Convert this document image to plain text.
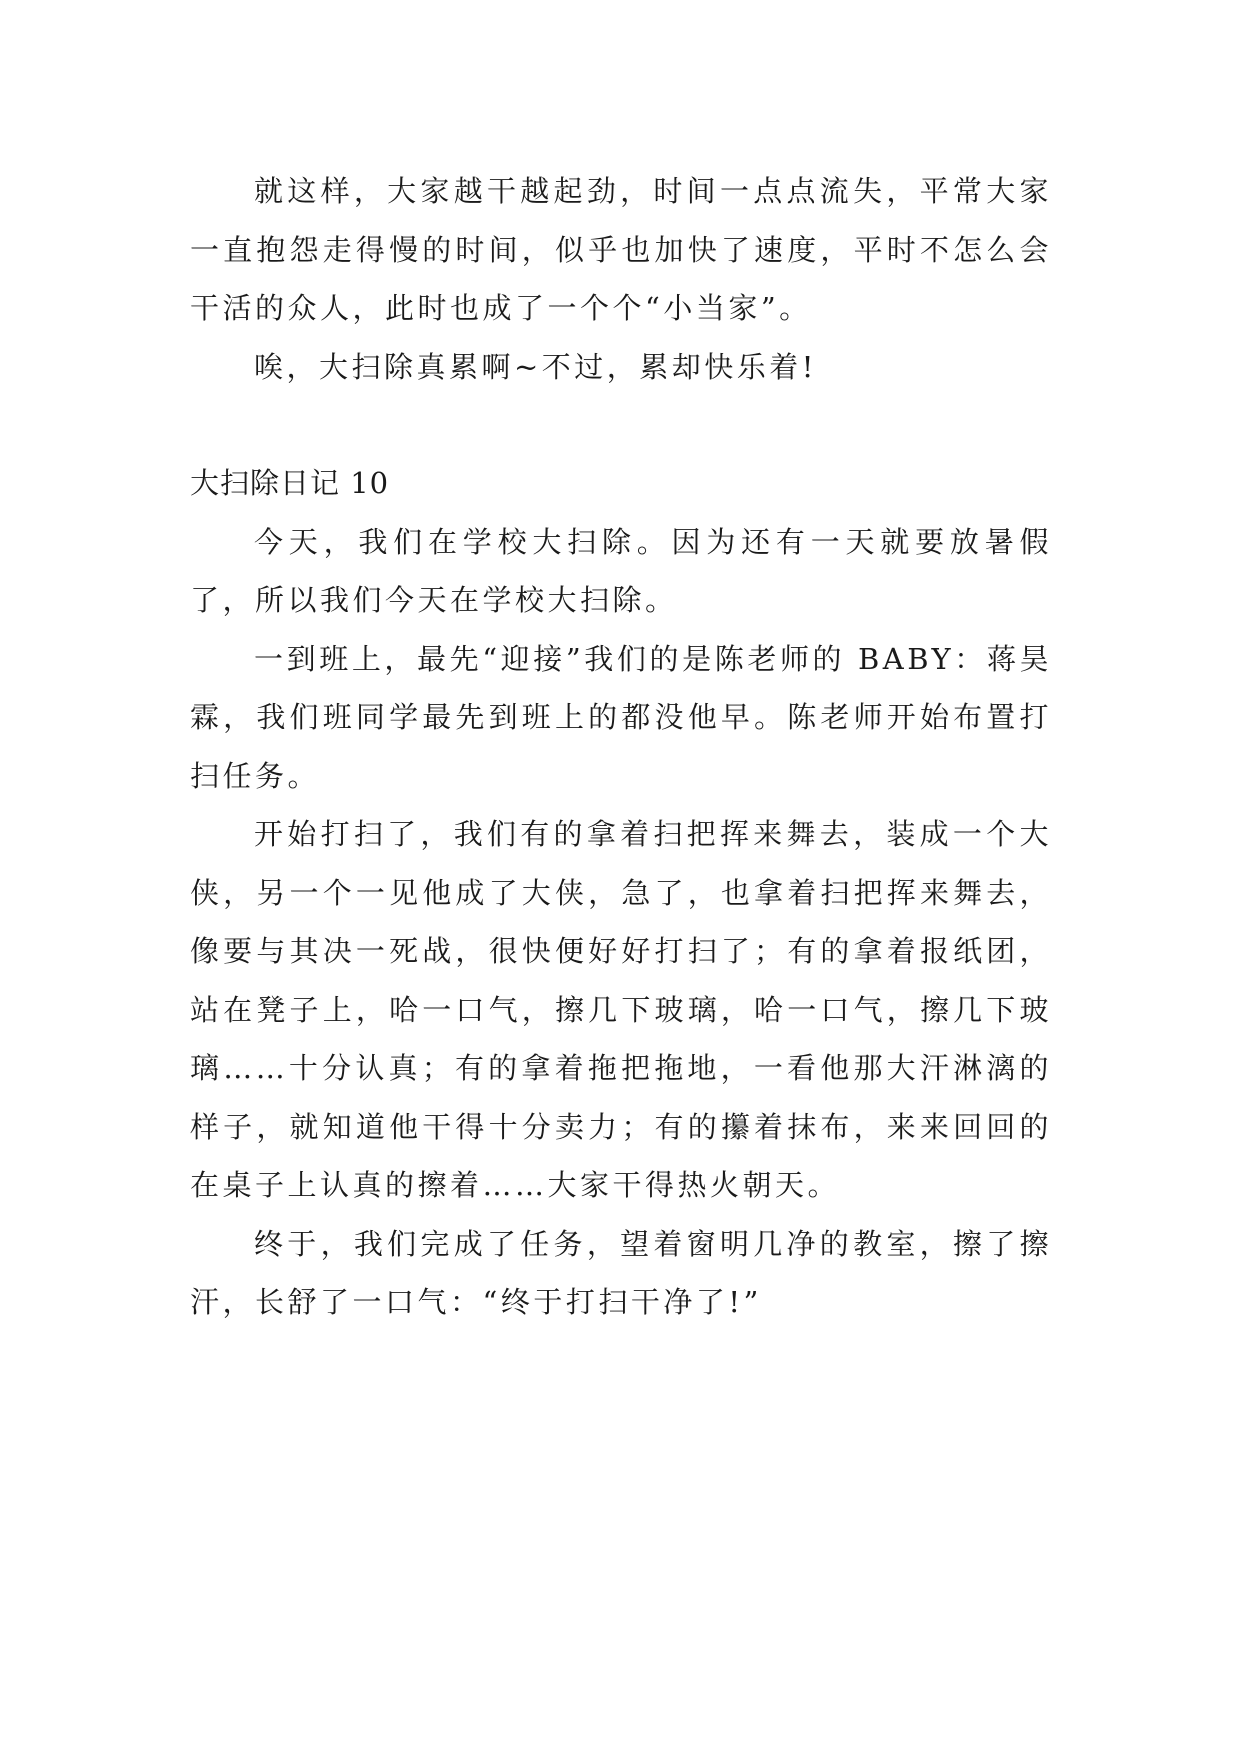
就这样，大家越干越起劲，时间一点点流失，平常大家一直抱怨走得慢的时间，似乎也加快了速度，平时不怎么会干活的众人，此时也成了一个个“小当家”。

唉，大扫除真累啊~不过，累却快乐着!

大扫除日记 10

今天，我们在学校大扫除。因为还有一天就要放暑假了，所以我们今天在学校大扫除。

一到班上，最先“迎接”我们的是陈老师的 BABY：蒋昊霖，我们班同学最先到班上的都没他早。陈老师开始布置打扫任务。

开始打扫了，我们有的拿着扫把挥来舞去，装成一个大侠，另一个一见他成了大侠，急了，也拿着扫把挥来舞去，像要与其决一死战，很快便好好打扫了；有的拿着报纸团，站在凳子上，哈一口气，擦几下玻璃，哈一口气，擦几下玻璃……十分认真；有的拿着拖把拖地，一看他那大汗淋漓的样子，就知道他干得十分卖力；有的攥着抹布，来来回回的在桌子上认真的擦着……大家干得热火朝天。

终于，我们完成了任务，望着窗明几净的教室，擦了擦汗，长舒了一口气：“终于打扫干净了!”
